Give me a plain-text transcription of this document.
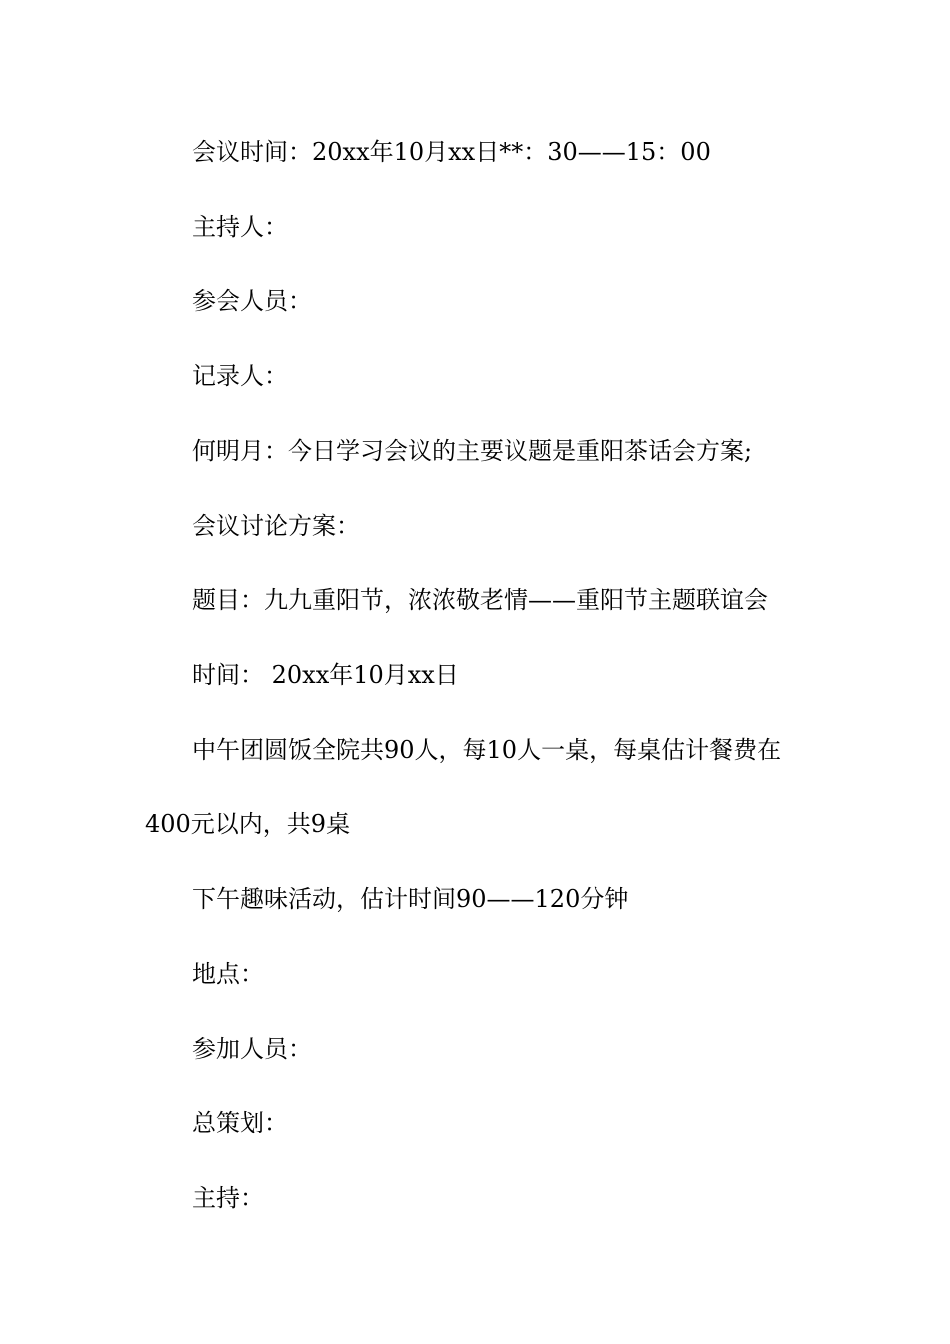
会议时间：20xx年10月xx日**：30——15：00

主持人：

参会人员：

记录人：

何明月：今日学习会议的主要议题是重阳茶话会方案;

会议讨论方案：

题目：九九重阳节，浓浓敬老情——重阳节主题联谊会

时间： 20xx年10月xx日

中午团圆饭全院共90人，每10人一桌，每桌估计餐费在

400元以内，共9桌

下午趣味活动，估计时间90——120分钟

地点：

参加人员：

总策划：

主持：
